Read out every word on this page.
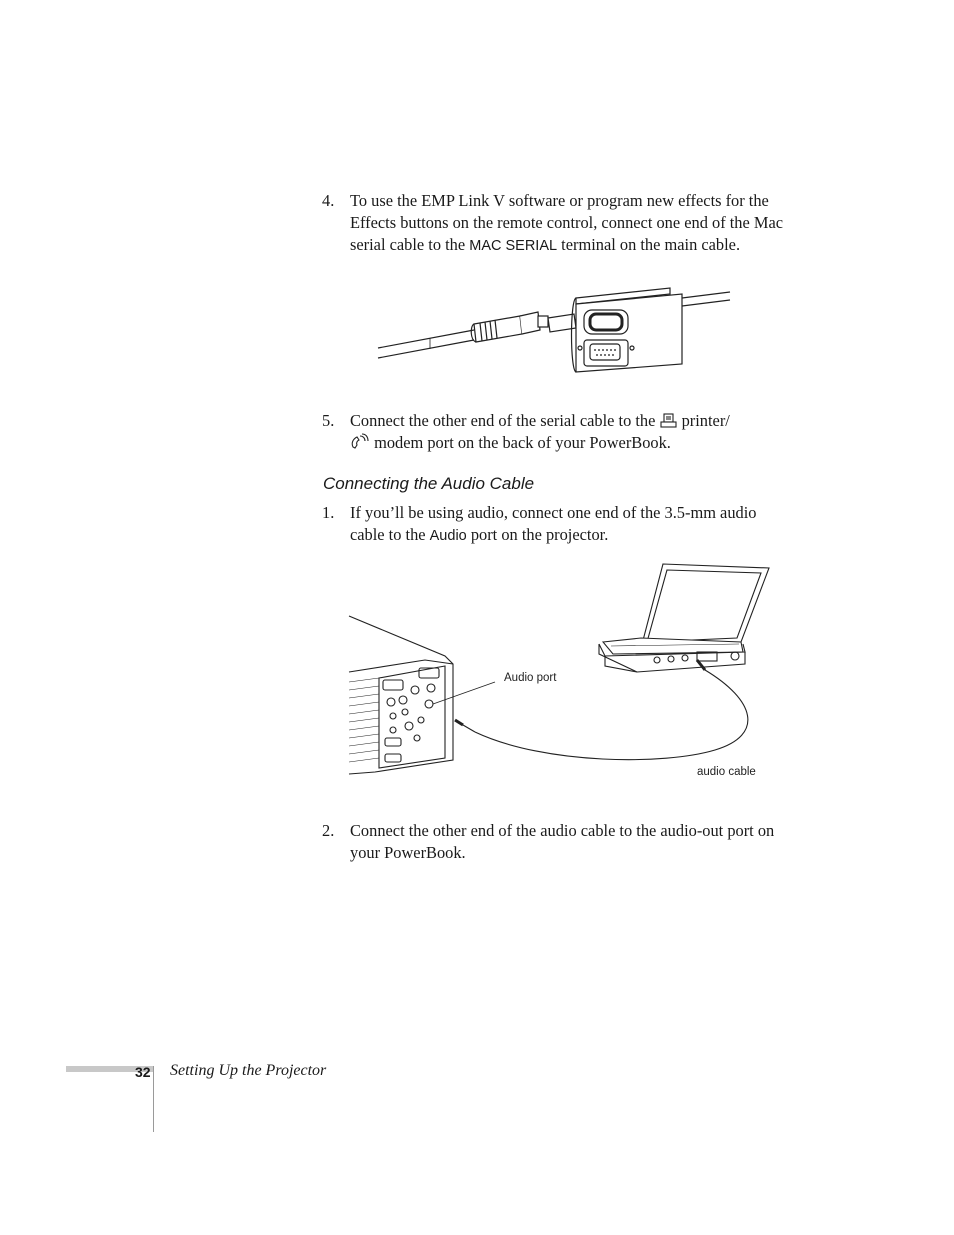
4. To use the EMP Link V software or program new effects for the Effects buttons on the remote control, connect one end of the Mac serial cable to the MAC SERIAL terminal on the main cable.
5. Connect the other end of the serial cable to the  printer/
modem port on the back of your PowerBook.
Connecting the Audio Cable
1. If you’ll be using audio, connect one end of the 3.5-mm audio cable to the Audio port on the projector.
Audio port
audio cable
2. Connect the other end of the audio cable to the audio-out port on your PowerBook.
32 Setting Up the Projector
